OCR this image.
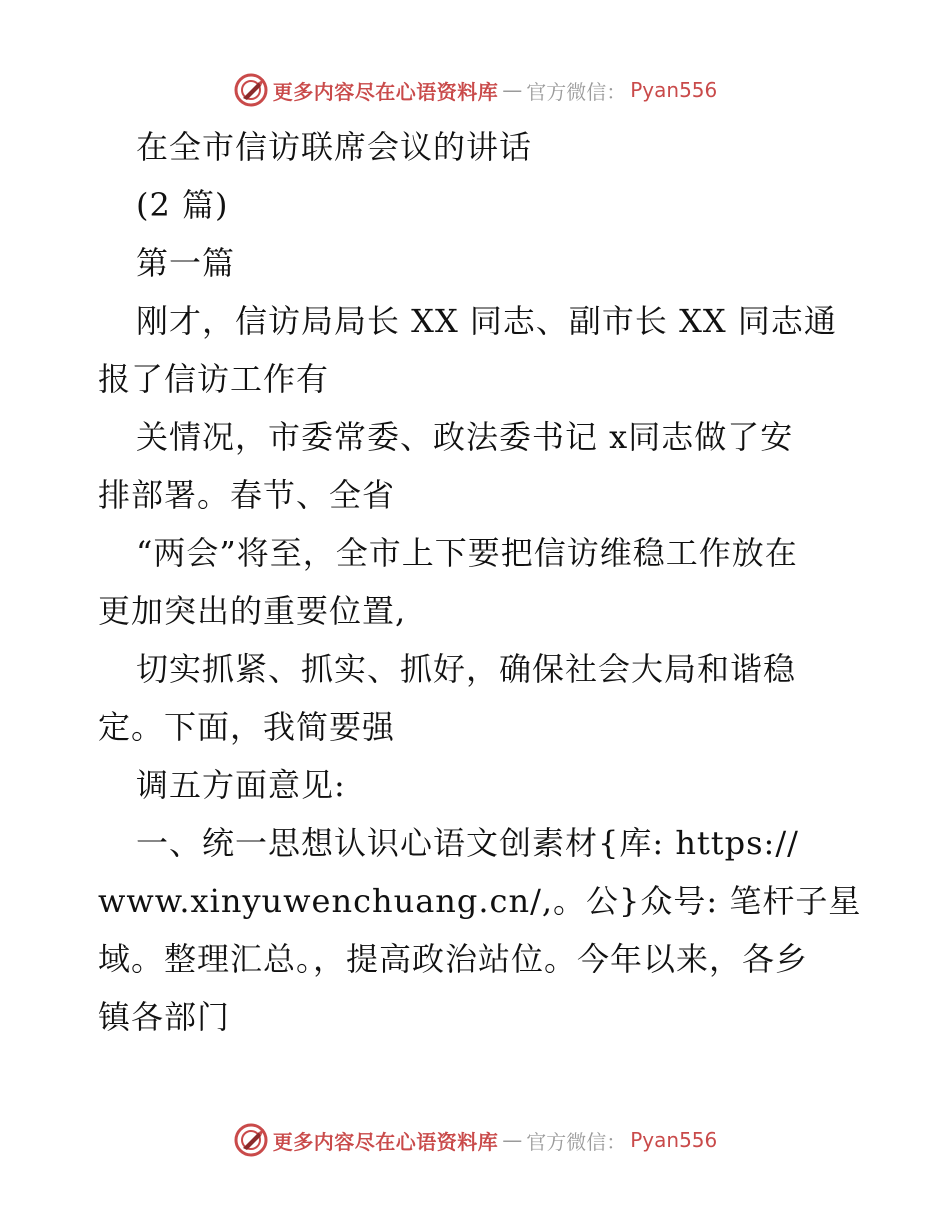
更多内容尽在心语资料库 — 官方微信： Pyan556
在全市信访联席会议的讲话
(2 篇)
第一篇
刚才，信访局局长 XX 同志、副市长 XX 同志通
报了信访工作有
关情况，市委常委、政法委书记 x同志做了安
排部署。春节、全省
“两会”将至，全市上下要把信访维稳工作放在
更加突出的重要位置,
切实抓紧、抓实、抓好，确保社会大局和谐稳
定。下面，我简要强
调五方面意见:
一、统一思想认识心语文创素材{库: https://
www.xinyuwenchuang.cn/,。公}众号: 笔杆子星
域。整理汇总。，提高政治站位。今年以来，各乡
镇各部门
更多内容尽在心语资料库 — 官方微信： Pyan556
